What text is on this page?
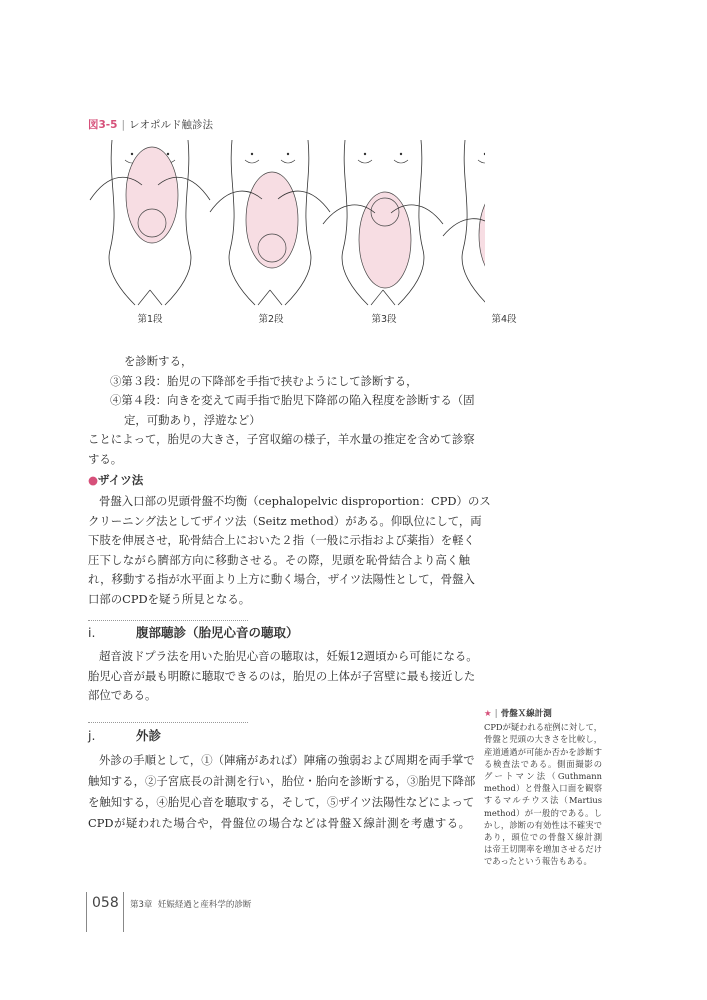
図3-5 | レオポルド触診法
第1段	第2段	第3段	第4段
を診断する，
③第３段：胎児の下降部を手指で挟むようにして診断する，
④第４段：向きを変えて両手指で胎児下降部の陥入程度を診断する（固
定，可動あり，浮遊など）
ことによって，胎児の大きさ，子宮収縮の様子，羊水量の推定を含めて診察
する。
●ザイツ法
骨盤入口部の児頭骨盤不均衡（cephalopelvic disproportion：CPD）のス
クリーニング法としてザイツ法（Seitz method）がある。仰臥位にして，両
下肢を伸展させ，恥骨結合上においた２指（一般に示指および薬指）を軽く
圧下しながら臍部方向に移動させる。その際，児頭を恥骨結合より高く触
れ，移動する指が水平面より上方に動く場合，ザイツ法陽性として，骨盤入
口部のCPDを疑う所見となる。
i.	腹部聴診（胎児心音の聴取）
超音波ドプラ法を用いた胎児心音の聴取は，妊娠12週頃から可能になる。
胎児心音が最も明瞭に聴取できるのは，胎児の上体が子宮壁に最も接近した
部位である。
j.	外診
外診の手順として，①（陣痛があれば）陣痛の強弱および周期を両手掌で
触知する，②子宮底長の計測を行い，胎位・胎向を診断する，③胎児下降部
を触知する，④胎児心音を聴取する，そして，⑤ザイツ法陽性などによって
CPDが疑われた場合や，骨盤位の場合などは骨盤Ｘ線計測を考慮する。
★ | 骨盤Ｘ線計測
CPDが疑われる症例に対して，
骨盤と児頭の大きさを比較し，
産道通過が可能か否かを診断す
る検査法である。側面撮影の
グートマン法（Guthmann
method）と骨盤入口面を観察
するマルチウス法（Martius
method）が一般的である。し
かし，診断の有効性は不確実で
あり，頭位での骨盤Ｘ線計測
は帝王切開率を増加させるだけ
であったという報告もある。
058 第3章 妊娠経過と産科学的診断
